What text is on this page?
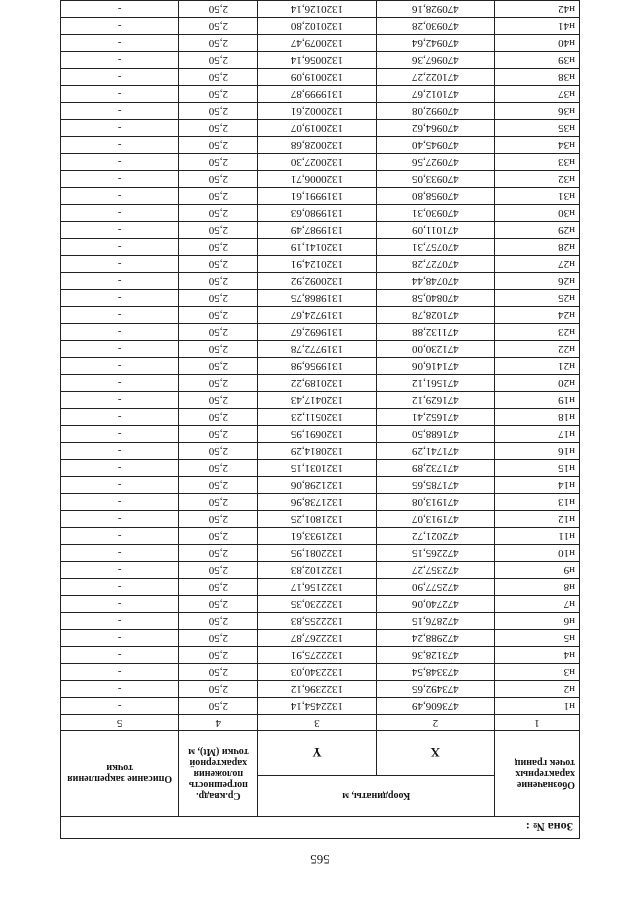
565
Зона № :
Обозначение характерных точек границ	Координаты, м		Ср.квадр. погрешность положения характерной точки (Мt), м	Описание закрепления точки
	X	Y		
1	2	3	4	5
н1	473606,49	1322454,14	2,50	-
н2	473492,65	1322396,12	2,50	-
н3	473348,54	1322340,03	2,50	-
н4	473128,36	1322275,91	2,50	-
н5	472988,24	1322267,87	2,50	-
н6	472876,15	1322255,83	2,50	-
н7	472740,06	1322230,35	2,50	-
н8	472577,90	1322156,17	2,50	-
н9	472357,27	1322102,83	2,50	-
н10	472265,15	1322081,95	2,50	-
н11	472021,72	1321933,61	2,50	-
н12	471913,07	1321801,25	2,50	-
н13	471913,08	1321738,96	2,50	-
н14	471785,65	1321298,06	2,50	-
н15	471732,89	1321031,15	2,50	-
н16	471741,29	1320814,29	2,50	-
н17	471688,50	1320691,95	2,50	-
н18	471652,41	1320511,23	2,50	-
н19	471629,12	1320417,43	2,50	-
н20	471561,12	1320189,22	2,50	-
н21	471416,06	1319956,98	2,50	-
н22	471230,00	1319772,78	2,50	-
н23	471132,88	1319692,67	2,50	-
н24	471028,78	1319724,67	2,50	-
н25	470840,58	1319868,75	2,50	-
н26	470748,44	1320092,92	2,50	-
н27	470727,28	1320124,91	2,50	-
н28	470757,31	1320141,19	2,50	-
н29	471011,09	1319987,49	2,50	-
н30	470930,31	1319980,63	2,50	-
н31	470958,80	1319991,61	2,50	-
н32	470933,05	1320006,71	2,50	-
н33	470927,56	1320027,30	2,50	-
н34	470945,40	1320028,68	2,50	-
н35	470964,62	1320019,07	2,50	-
н36	470992,08	1320002,61	2,50	-
н37	471012,67	1319999,87	2,50	-
н38	471022,27	1320019,09	2,50	-
н39	470967,36	1320056,14	2,50	-
н40	470942,64	1320079,47	2,50	-
н41	470930,28	1320102,80	2,50	-
н42	470928,16	1320126,14	2,50	-
